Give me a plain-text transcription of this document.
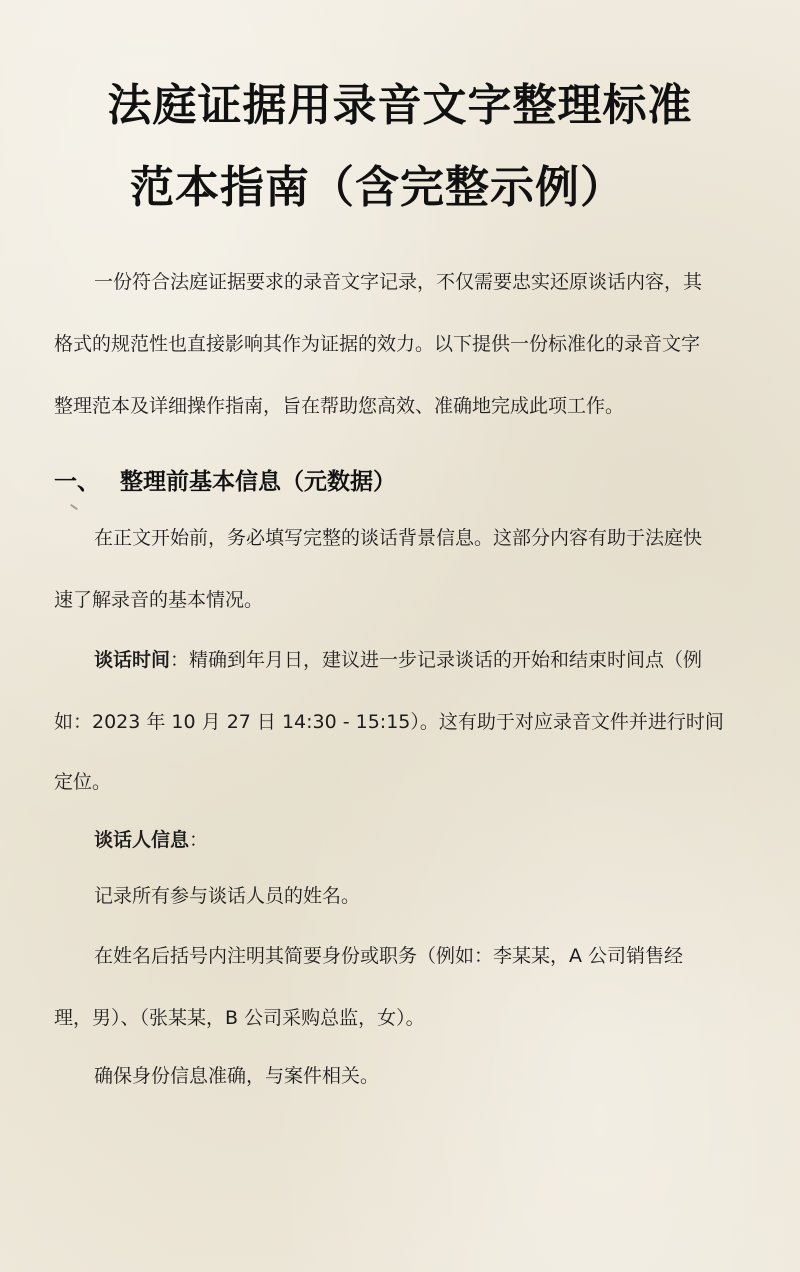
法庭证据用录音文字整理标准
范本指南（含完整示例）

一份符合法庭证据要求的录音文字记录，不仅需要忠实还原谈话内容，其

格式的规范性也直接影响其作为证据的效力。以下提供一份标准化的录音文字

整理范本及详细操作指南，旨在帮助您高效、准确地完成此项工作。

一、 整理前基本信息（元数据）

在正文开始前，务必填写完整的谈话背景信息。这部分内容有助于法庭快

速了解录音的基本情况。

谈话时间：精确到年月日，建议进一步记录谈话的开始和结束时间点（例

如：2023 年 10 月 27 日 14:30 - 15:15）。这有助于对应录音文件并进行时间

定位。

谈话人信息：

记录所有参与谈话人员的姓名。

在姓名后括号内注明其简要身份或职务（例如：李某某，A 公司销售经

理，男）、（张某某，B 公司采购总监，女）。

确保身份信息准确，与案件相关。
